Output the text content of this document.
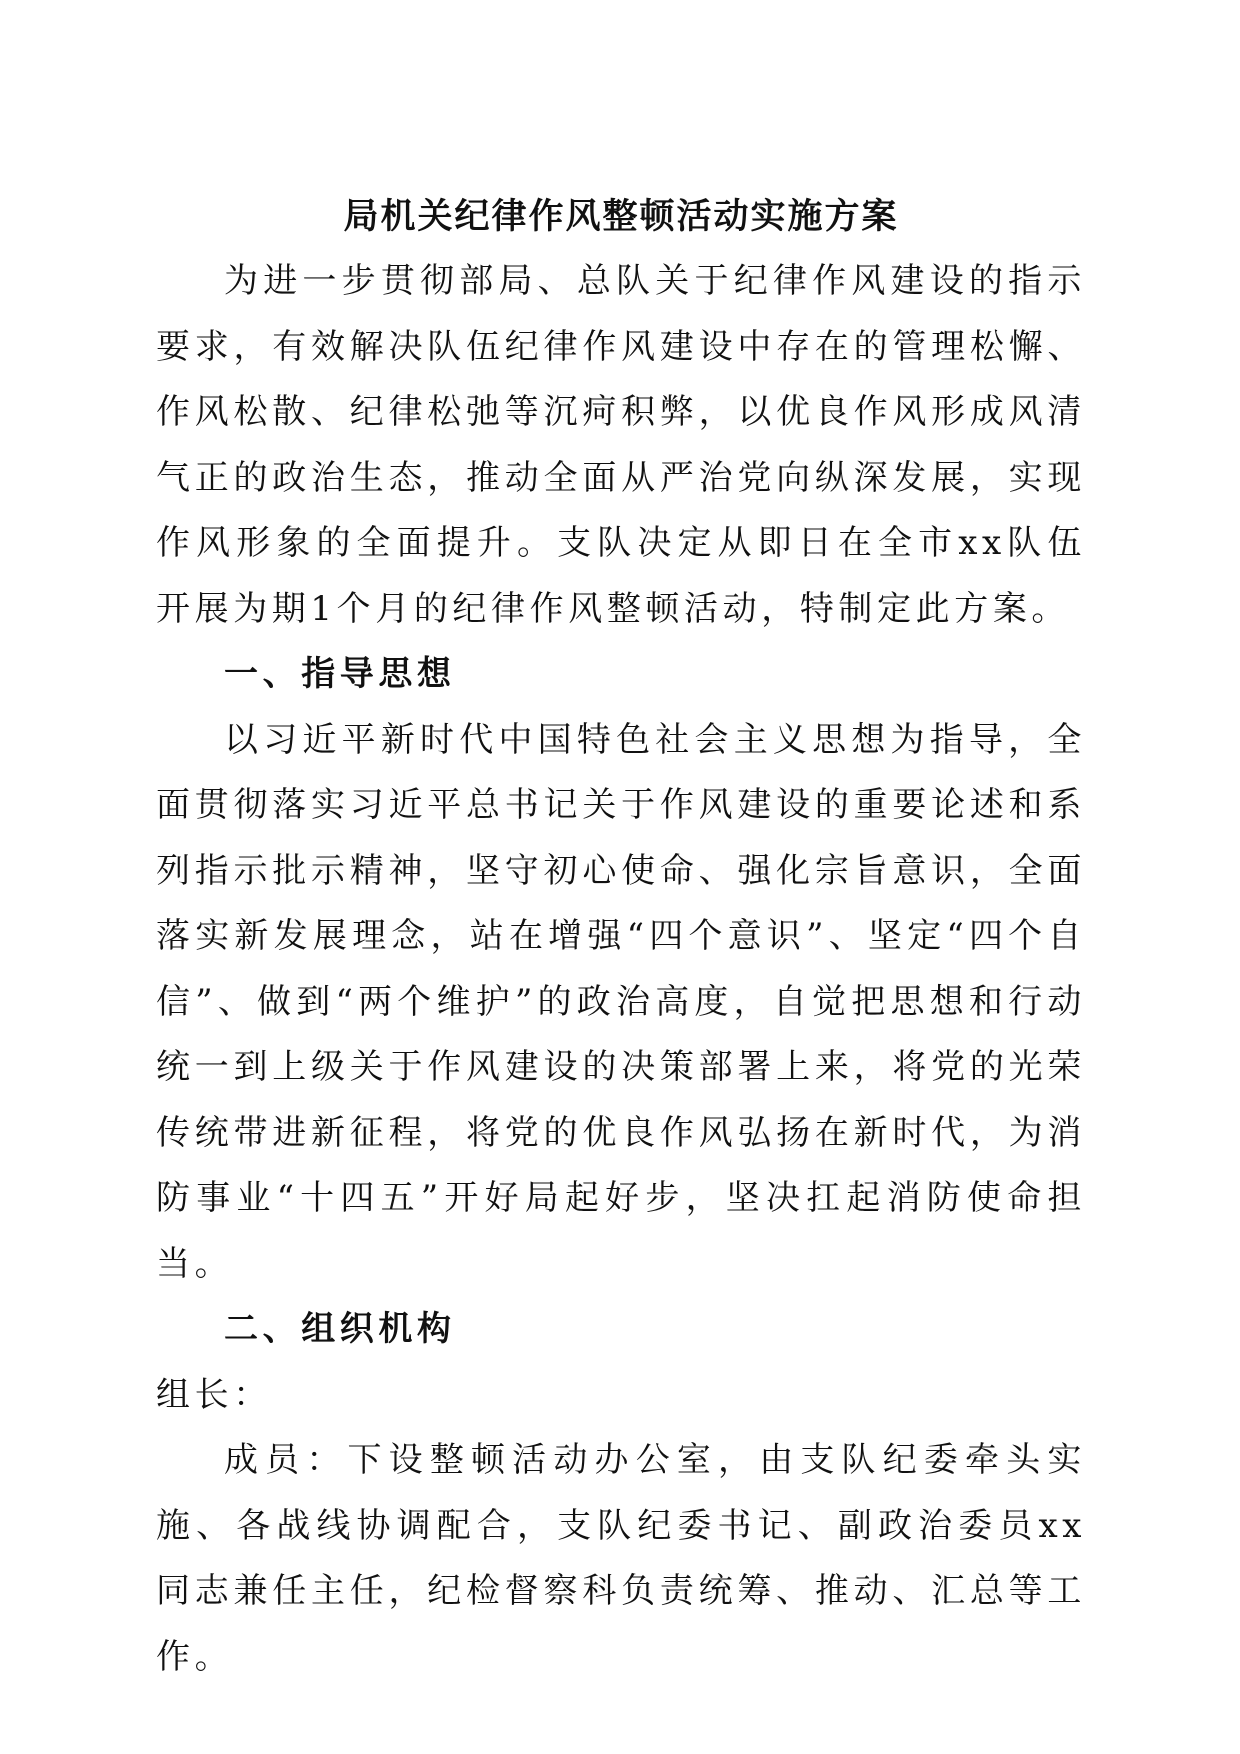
局机关纪律作风整顿活动实施方案

为进一步贯彻部局、总队关于纪律作风建设的指示要求，有效解决队伍纪律作风建设中存在的管理松懈、作风松散、纪律松弛等沉疴积弊，以优良作风形成风清气正的政治生态，推动全面从严治党向纵深发展，实现作风形象的全面提升。支队决定从即日在全市xx队伍开展为期1个月的纪律作风整顿活动，特制定此方案。

一、指导思想

以习近平新时代中国特色社会主义思想为指导，全面贯彻落实习近平总书记关于作风建设的重要论述和系列指示批示精神，坚守初心使命、强化宗旨意识，全面落实新发展理念，站在增强“四个意识”、坚定“四个自信”、做到“两个维护”的政治高度，自觉把思想和行动统一到上级关于作风建设的决策部署上来，将党的光荣传统带进新征程，将党的优良作风弘扬在新时代，为消防事业“十四五”开好局起好步，坚决扛起消防使命担当。

二、组织机构

组长：

成员：下设整顿活动办公室，由支队纪委牵头实施、各战线协调配合，支队纪委书记、副政治委员xx同志兼任主任，纪检督察科负责统筹、推动、汇总等工作。
